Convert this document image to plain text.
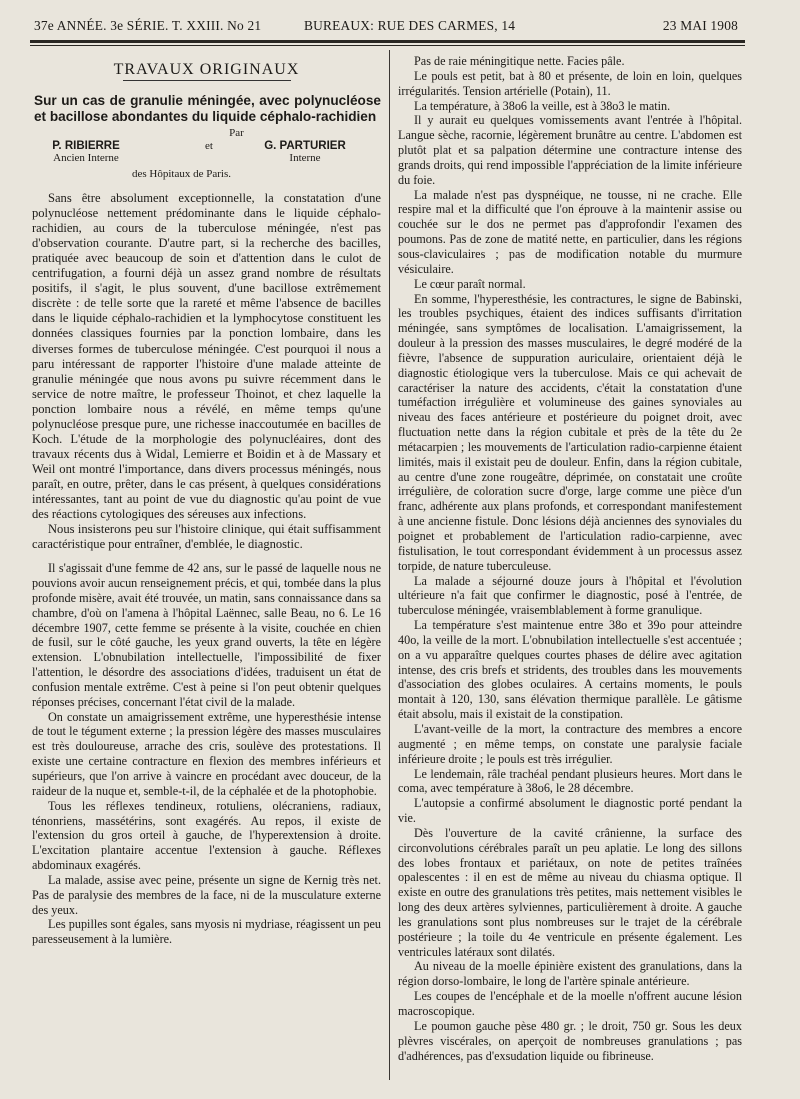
37e ANNÉE. 3e SÉRIE. T. XXIII. No 21	BUREAUX: RUE DES CARMES, 14	23 MAI 1908
TRAVAUX ORIGINAUX
Sur un cas de granulie méningée, avec polynucléose et bacillose abondantes du liquide céphalo-rachidien
Par
P. RIBIERRE
Ancien Interne
et	G. PARTURIER
Interne
des Hôpitaux de Paris.

Sans être absolument exceptionnelle, la constatation d'une polynucléose nettement prédominante dans le liquide céphalo-rachidien, au cours de la tuberculose méningée, n'est pas d'observation courante. D'autre part, si la recherche des bacilles, pratiquée avec beaucoup de soin et d'attention dans le culot de centrifugation, a fourni déjà un assez grand nombre de résultats positifs, il s'agit, le plus souvent, d'une bacillose extrêmement discrète : de telle sorte que la rareté et même l'absence de bacilles dans le liquide céphalo-rachidien et la lymphocytose constituent les données classiques fournies par la ponction lombaire, dans les diverses formes de tuberculose méningée. C'est pourquoi il nous a paru intéressant de rapporter l'histoire d'une malade atteinte de granulie méningée que nous avons pu suivre récemment dans le service de notre maître, le professeur Thoinot, et chez laquelle la ponction lombaire nous a révélé, en même temps qu'une polynucléose presque pure, une richesse inaccoutumée en bacilles de Koch. L'étude de la morphologie des polynucléaires, dont des travaux récents dus à Widal, Lemierre et Boidin et à de Massary et Weil ont montré l'importance, dans divers processus méningés, nous paraît, en outre, prêter, dans le cas présent, à quelques considérations intéressantes, tant au point de vue du diagnostic qu'au point de vue des réactions cytologiques des séreuses aux infections.

Nous insisterons peu sur l'histoire clinique, qui était suffisamment caractéristique pour entraîner, d'emblée, le diagnostic.

Il s'agissait d'une femme de 42 ans, sur le passé de laquelle nous ne pouvions avoir aucun renseignement précis, et qui, tombée dans la plus profonde misère, avait été trouvée, un matin, sans connaissance dans sa chambre, d'où on l'amena à l'hôpital Laënnec, salle Beau, no 6. Le 16 décembre 1907, cette femme se présente à la visite, couchée en chien de fusil, sur le côté gauche, les yeux grand ouverts, la tête en légère extension. L'obnubilation intellectuelle, l'impossibilité de fixer l'attention, le désordre des associations d'idées, traduisent un état de confusion mentale extrême. C'est à peine si l'on peut obtenir quelques réponses précises, concernant l'état civil de la malade.

On constate un amaigrissement extrême, une hyperesthésie intense de tout le tégument externe ; la pression légère des masses musculaires est très douloureuse, arrache des cris, soulève des protestations. Il existe une certaine contracture en flexion des membres inférieurs et supérieurs, que l'on arrive à vaincre en procédant avec douceur, de la raideur de la nuque et, semble-t-il, de la céphalée et de la photophobie.

Tous les réflexes tendineux, rotuliens, olécraniens, radiaux, ténonriens, massétérins, sont exagérés. Au repos, il existe de l'extension du gros orteil à gauche, de l'hyperextension à droite. L'excitation plantaire accentue l'extension à gauche. Réflexes abdominaux exagérés.

La malade, assise avec peine, présente un signe de Kernig très net. Pas de paralysie des membres de la face, ni de la musculature externe des yeux.

Les pupilles sont égales, sans myosis ni mydriase, réagissent un peu paresseusement à la lumière.

Pas de raie méningitique nette. Facies pâle.

Le pouls est petit, bat à 80 et présente, de loin en loin, quelques irrégularités. Tension artérielle (Potain), 11.

La température, à 38o6 la veille, est à 38o3 le matin.

Il y aurait eu quelques vomissements avant l'entrée à l'hôpital. Langue sèche, racornie, légèrement brunâtre au centre. L'abdomen est plutôt plat et sa palpation détermine une contracture intense des grands droits, qui rend impossible l'appréciation de la limite inférieure du foie.

La malade n'est pas dyspnéique, ne tousse, ni ne crache. Elle respire mal et la difficulté que l'on éprouve à la maintenir assise ou couchée sur le dos ne permet pas d'approfondir l'examen des poumons. Pas de zone de matité nette, en particulier, dans les régions sous-claviculaires ; pas de modification notable du murmure vésiculaire.

Le cœur paraît normal.

En somme, l'hyperesthésie, les contractures, le signe de Babinski, les troubles psychiques, étaient des indices suffisants d'irritation méningée, sans symptômes de localisation. L'amaigrissement, la douleur à la pression des masses musculaires, le degré modéré de la fièvre, l'absence de suppuration auriculaire, orientaient déjà le diagnostic étiologique vers la tuberculose. Mais ce qui achevait de caractériser la nature des accidents, c'était la constatation d'une tuméfaction irrégulière et volumineuse des gaines synoviales au niveau des faces antérieure et postérieure du poignet droit, avec fluctuation nette dans la région cubitale et près de la tête du 2e métacarpien ; les mouvements de l'articulation radio-carpienne étaient limités, mais il existait peu de douleur. Enfin, dans la région cubitale, au centre d'une zone rougeâtre, déprimée, on constatait une croûte irrégulière, de coloration sucre d'orge, large comme une pièce d'un franc, adhérente aux plans profonds, et correspondant manifestement à une ancienne fistule. Donc lésions déjà anciennes des synoviales du poignet et probablement de l'articulation radio-carpienne, avec fistulisation, le tout correspondant évidemment à un processus assez torpide, de nature tuberculeuse.

La malade a séjourné douze jours à l'hôpital et l'évolution ultérieure n'a fait que confirmer le diagnostic, posé à l'entrée, de tuberculose méningée, vraisemblablement à forme granulique.

La température s'est maintenue entre 38o et 39o pour atteindre 40o, la veille de la mort. L'obnubilation intellectuelle s'est accentuée ; on a vu apparaître quelques courtes phases de délire avec agitation intense, des cris brefs et stridents, des troubles dans les mouvements d'association des globes oculaires. A certains moments, le pouls montait à 120, 130, sans élévation thermique parallèle. Le gâtisme était absolu, mais il existait de la constipation.

L'avant-veille de la mort, la contracture des membres a encore augmenté ; en même temps, on constate une paralysie faciale inférieure droite ; le pouls est très irrégulier.

Le lendemain, râle trachéal pendant plusieurs heures. Mort dans le coma, avec température à 38o6, le 28 décembre.

L'autopsie a confirmé absolument le diagnostic porté pendant la vie.

Dès l'ouverture de la cavité crânienne, la surface des circonvolutions cérébrales paraît un peu aplatie. Le long des sillons des lobes frontaux et pariétaux, on note de petites traînées opalescentes : il en est de même au niveau du chiasma optique. Il existe en outre des granulations très petites, mais nettement visibles le long des deux artères sylviennes, particulièrement à droite. A gauche les granulations sont plus nombreuses sur le trajet de la cérébrale postérieure ; la toile du 4e ventricule en présente également. Les ventricules latéraux sont dilatés.

Au niveau de la moelle épinière existent des granulations, dans la région dorso-lombaire, le long de l'artère spinale antérieure.

Les coupes de l'encéphale et de la moelle n'offrent aucune lésion macroscopique.

Le poumon gauche pèse 480 gr. ; le droit, 750 gr. Sous les deux plèvres viscérales, on aperçoit de nombreuses granulations ; pas d'adhérences, pas d'exsudation liquide ou fibrineuse.
